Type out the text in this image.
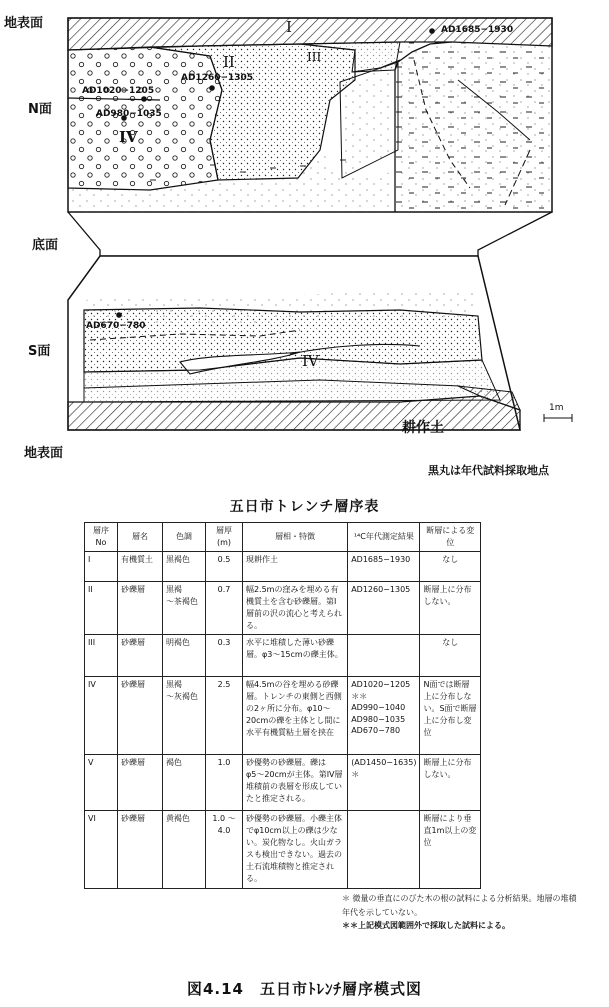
地表面
N面
底面
S面
地表面
I
II	III
IV
IV
AD1685−1930
AD1260−1305
AD1020−1205
AD980−1035
AD670−780
1m
耕作土
黒丸は年代試料採取地点
五日市トレンチ層序表
層序No	層名	色調	層厚(m)	層相・特徴	¹⁴C年代測定結果	断層による変位
I	有機質土	黒褐色	0.5	現耕作土	AD1685−1930	なし
II	砂礫層	黒褐
〜茶褐色	0.7	幅2.5mの窪みを埋める有機質土を含む砂礫層。第Ⅰ層前の沢の流心と考えられる。	AD1260−1305	断層上に分布しない。
III	砂礫層	明褐色	0.3	水平に堆積した薄い砂礫層。φ3〜15cmの礫主体。		なし
IV	砂礫層	黒褐
〜灰褐色	2.5	幅4.5mの谷を埋める砂礫層。トレンチの東側と西側の2ヶ所に分布。φ10〜20cmの礫を主体とし間に水平有機質粘土層を挟在	AD1020−1205
＊＊
AD990−1040
AD980−1035
AD670−780	N面では断層上に分布しない。S面で断層上に分布し変位
V	砂礫層	褐色	1.0	砂優勢の砂礫層。礫はφ5〜20cmが主体。第IV層堆積前の表層を形成していたと推定される。	(AD1450−1635)＊	断層上に分布しない。
VI	砂礫層	黄褐色	1.0 〜 4.0	砂優勢の砂礫層。小礫主体でφ10cm以上の礫は少ない。炭化物なし。火山ガラスも検出できない。過去の土石流堆積物と推定される。		断層により垂直1m以上の変位
＊ 微量の垂直にのびた木の根の試料による分析結果。地層の堆積年代を示していない。
＊＊上記模式図範囲外で採取した試料による。
図4.14　五日市ﾄﾚﾝﾁ層序模式図
